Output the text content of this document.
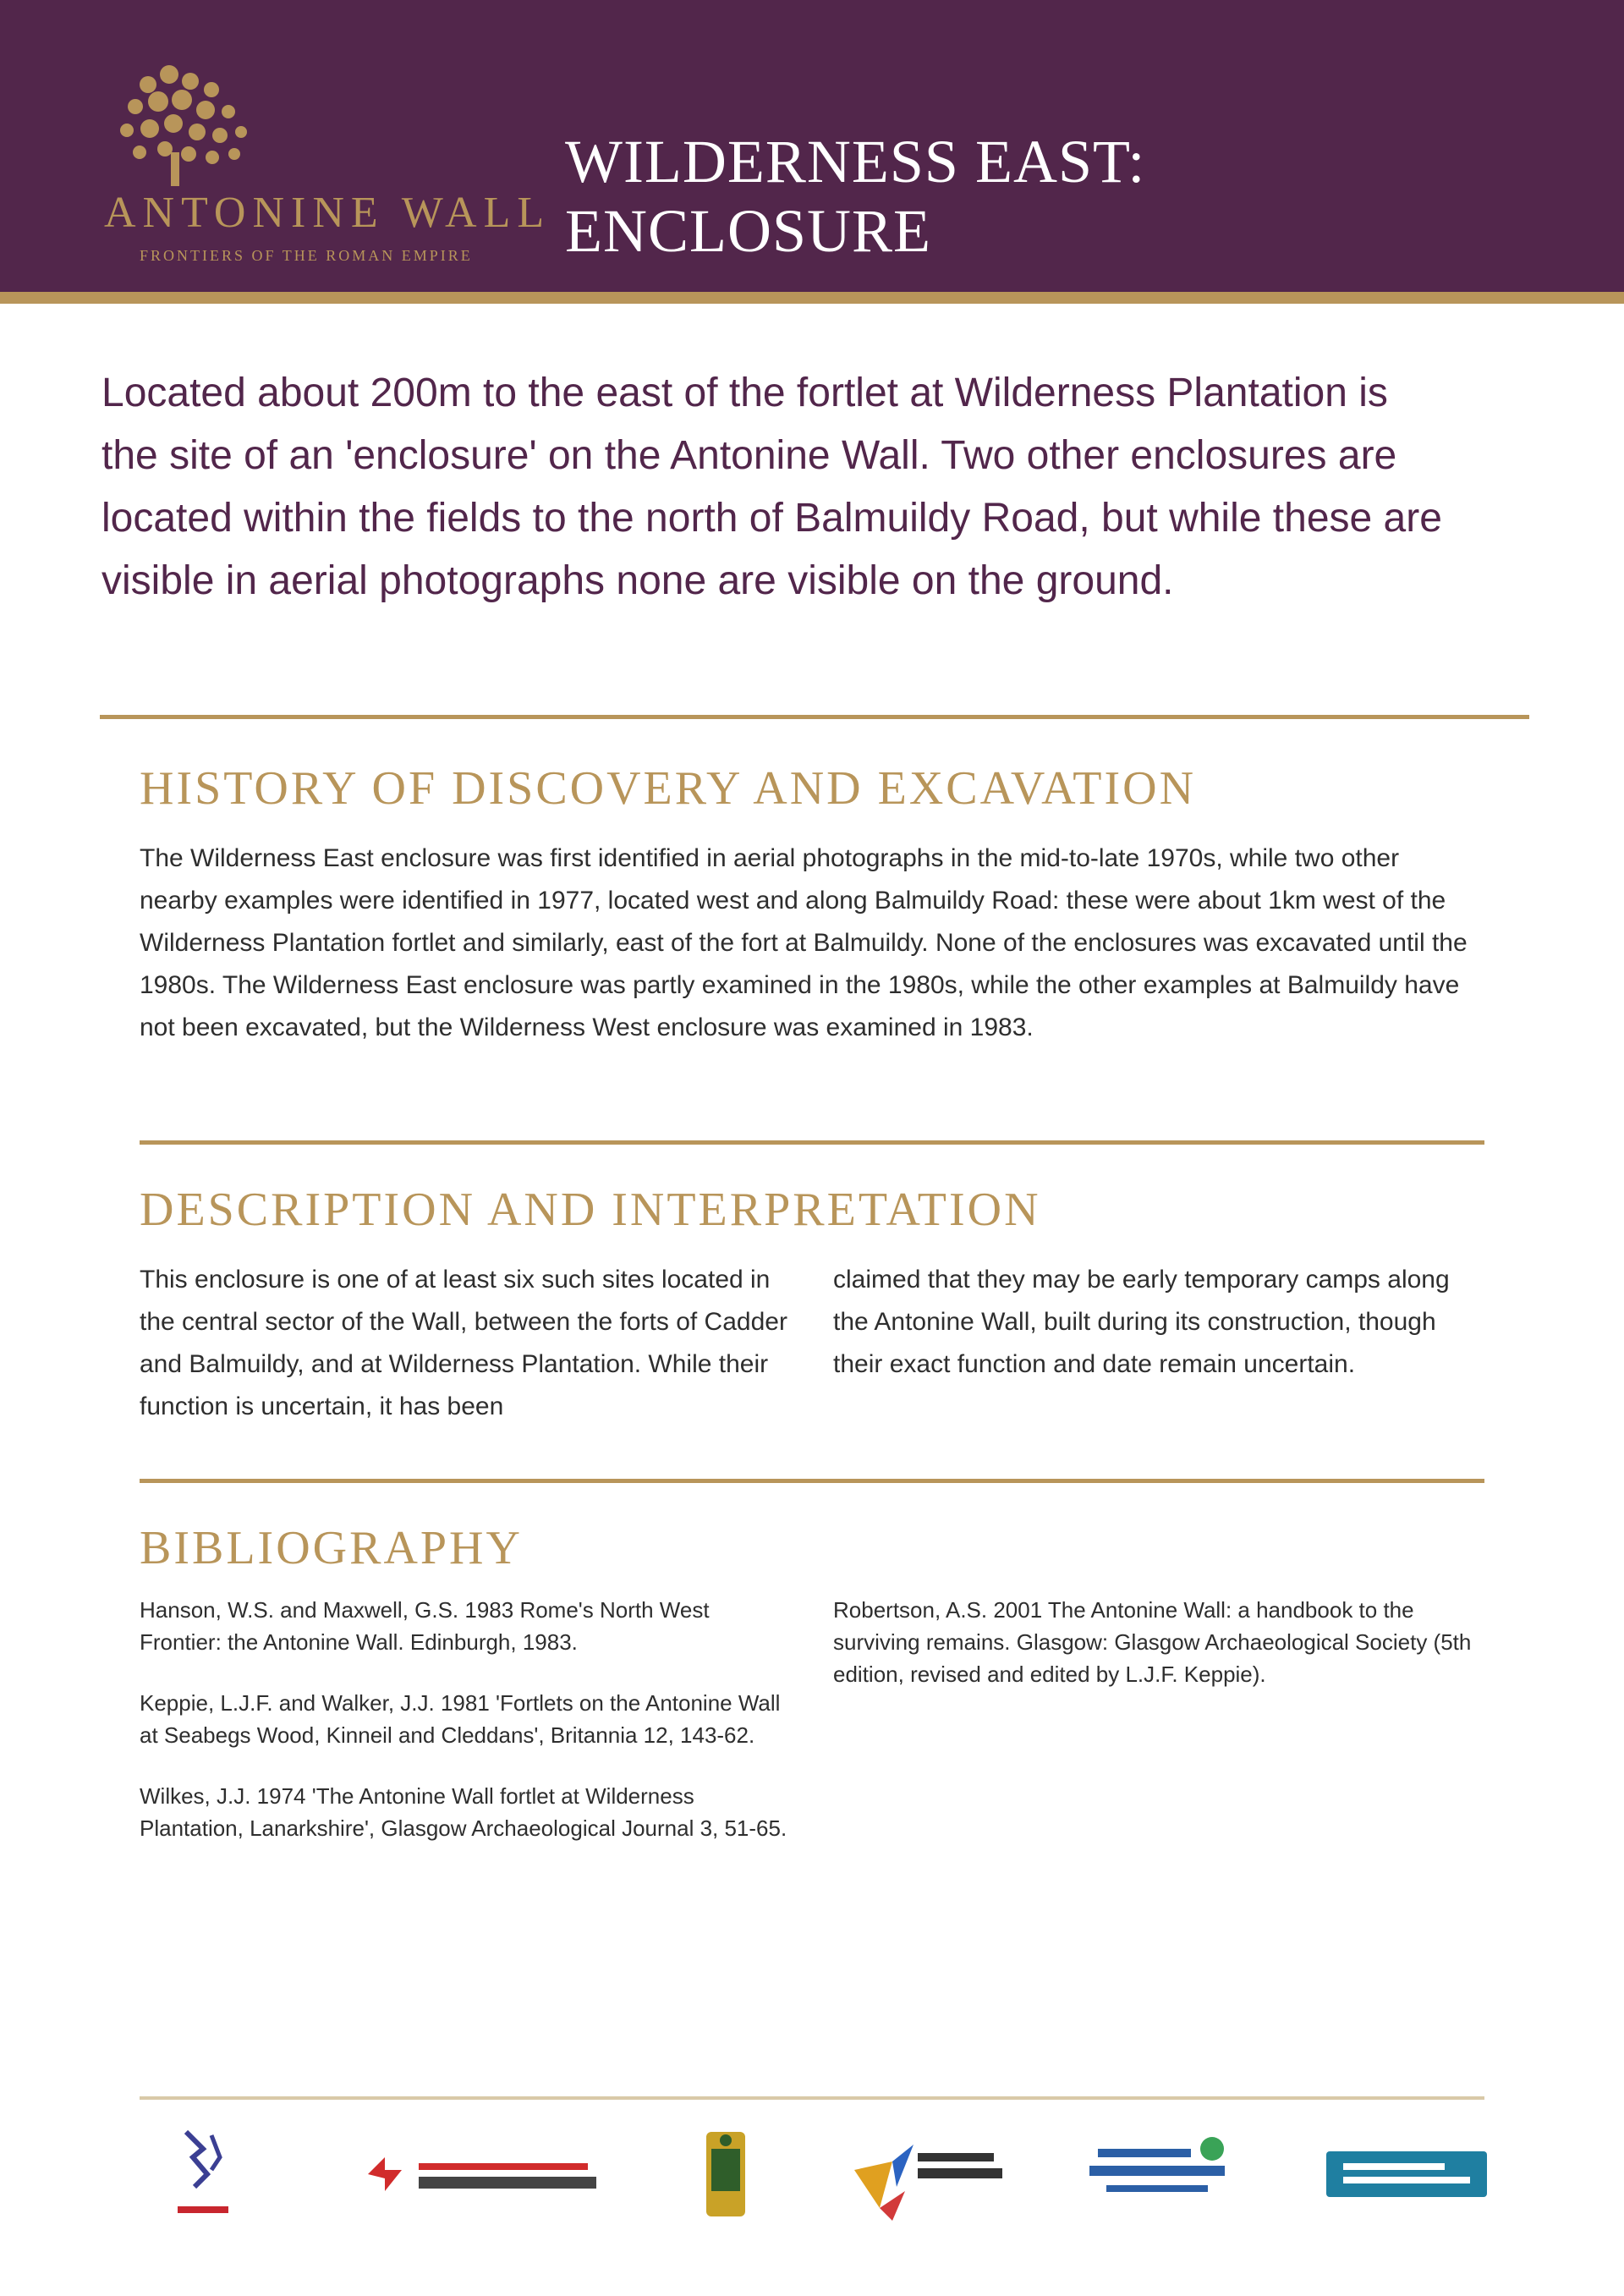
ANTONINE WALL
FRONTIERS OF THE ROMAN EMPIRE
WILDERNESS EAST: ENCLOSURE

Located about 200m to the east of the fortlet at Wilderness Plantation is the site of an 'enclosure' on the Antonine Wall. Two other enclosures are located within the fields to the north of Balmuildy Road, but while these are visible in aerial photographs none are visible on the ground.

HISTORY OF DISCOVERY AND EXCAVATION

The Wilderness East enclosure was first identified in aerial photographs in the mid-to-late 1970s, while two other nearby examples were identified in 1977, located west and along Balmuildy Road: these were about 1km west of the Wilderness Plantation fortlet and similarly, east of the fort at Balmuildy. None of the enclosures was excavated until the 1980s. The Wilderness East enclosure was partly examined in the 1980s, while the other examples at Balmuildy have not been excavated, but the Wilderness West enclosure was examined in 1983.

DESCRIPTION AND INTERPRETATION

This enclosure is one of at least six such sites located in the central sector of the Wall, between the forts of Cadder and Balmuildy, and at Wilderness Plantation. While their function is uncertain, it has been

claimed that they may be early temporary camps along the Antonine Wall, built during its construction, though their exact function and date remain uncertain.

BIBLIOGRAPHY
Hanson, W.S. and Maxwell, G.S. 1983 Rome's North West Frontier: the Antonine Wall. Edinburgh, 1983.
Keppie, L.J.F. and Walker, J.J. 1981 'Fortlets on the Antonine Wall at Seabegs Wood, Kinneil and Cleddans', Britannia 12, 143-62.
Wilkes, J.J. 1974 'The Antonine Wall fortlet at Wilderness Plantation, Lanarkshire', Glasgow Archaeological Journal 3, 51-65.
Robertson, A.S. 2001 The Antonine Wall: a handbook to the surviving remains. Glasgow: Glasgow Archaeological Society (5th edition, revised and edited by L.J.F. Keppie).
